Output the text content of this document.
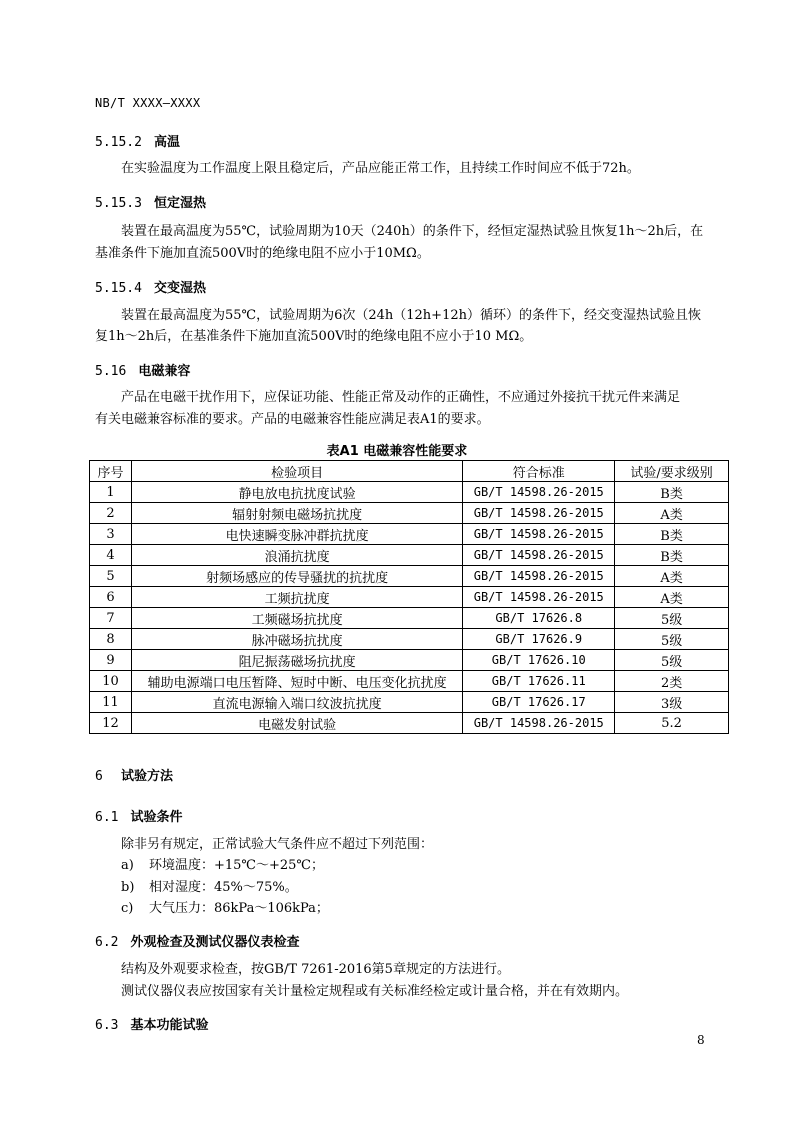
NB/T XXXX—XXXX
5.15.2 高温
在实验温度为工作温度上限且稳定后，产品应能正常工作，且持续工作时间应不低于72h。
5.15.3 恒定湿热
装置在最高温度为55℃，试验周期为10天（240h）的条件下，经恒定湿热试验且恢复1h～2h后，在
基准条件下施加直流500V时的绝缘电阻不应小于10MΩ。
5.15.4 交变湿热
装置在最高温度为55℃，试验周期为6次（24h（12h+12h）循环）的条件下，经交变湿热试验且恢
复1h～2h后，在基准条件下施加直流500V时的绝缘电阻不应小于10 MΩ。
5.16 电磁兼容
产品在电磁干扰作用下，应保证功能、性能正常及动作的正确性，不应通过外接抗干扰元件来满足
有关电磁兼容标准的要求。产品的电磁兼容性能应满足表A1的要求。
表A1 电磁兼容性能要求
序号	检验项目	符合标准	试验/要求级别
1	静电放电抗扰度试验	GB/T 14598.26-2015	B类
2	辐射射频电磁场抗扰度	GB/T 14598.26-2015	A类
3	电快速瞬变脉冲群抗扰度	GB/T 14598.26-2015	B类
4	浪涌抗扰度	GB/T 14598.26-2015	B类
5	射频场感应的传导骚扰的抗扰度	GB/T 14598.26-2015	A类
6	工频抗扰度	GB/T 14598.26-2015	A类
7	工频磁场抗扰度	GB/T 17626.8	5级
8	脉冲磁场抗扰度	GB/T 17626.9	5级
9	阻尼振荡磁场抗扰度	GB/T 17626.10	5级
10	辅助电源端口电压暂降、短时中断、电压变化抗扰度	GB/T 17626.11	2类
11	直流电源输入端口纹波抗扰度	GB/T 17626.17	3级
12	电磁发射试验	GB/T 14598.26-2015	5.2
6 试验方法
6.1 试验条件
除非另有规定，正常试验大气条件应不超过下列范围：
a) 环境温度：+15℃～+25℃；
b) 相对湿度：45%～75%。
c) 大气压力：86kPa～106kPa；
6.2 外观检查及测试仪器仪表检查
结构及外观要求检查，按GB/T 7261-2016第5章规定的方法进行。
测试仪器仪表应按国家有关计量检定规程或有关标准经检定或计量合格，并在有效期内。
6.3 基本功能试验
8
